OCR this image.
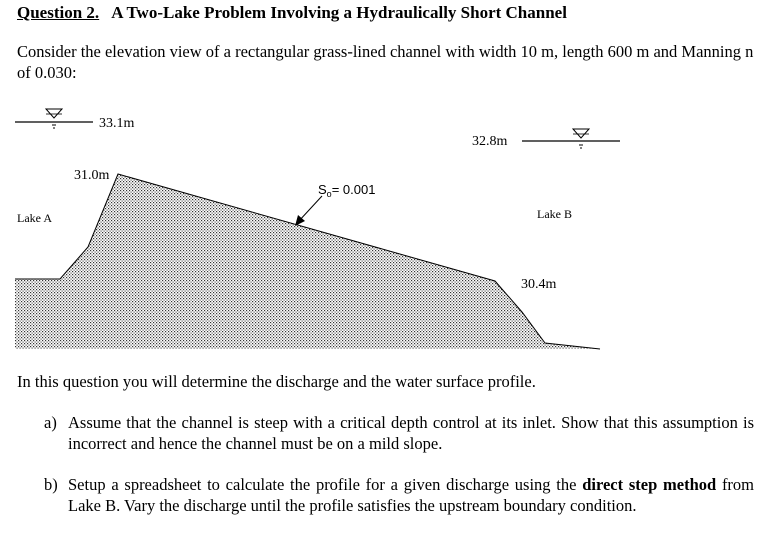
Question 2. A Two-Lake Problem Involving a Hydraulically Short Channel
Consider the elevation view of a rectangular grass-lined channel with width 10 m, length 600 m and Manning n of 0.030:
33.1m
32.8m
31.0m
30.4m
$S_o= 0.001$
Lake A	Lake B
In this question you will determine the discharge and the water surface profile.
a) Assume that the channel is steep with a critical depth control at its inlet. Show that this assumption is incorrect and hence the channel must be on a mild slope.
b) Setup a spreadsheet to calculate the profile for a given discharge using the direct step method from Lake B. Vary the discharge until the profile satisfies the upstream boundary condition.
